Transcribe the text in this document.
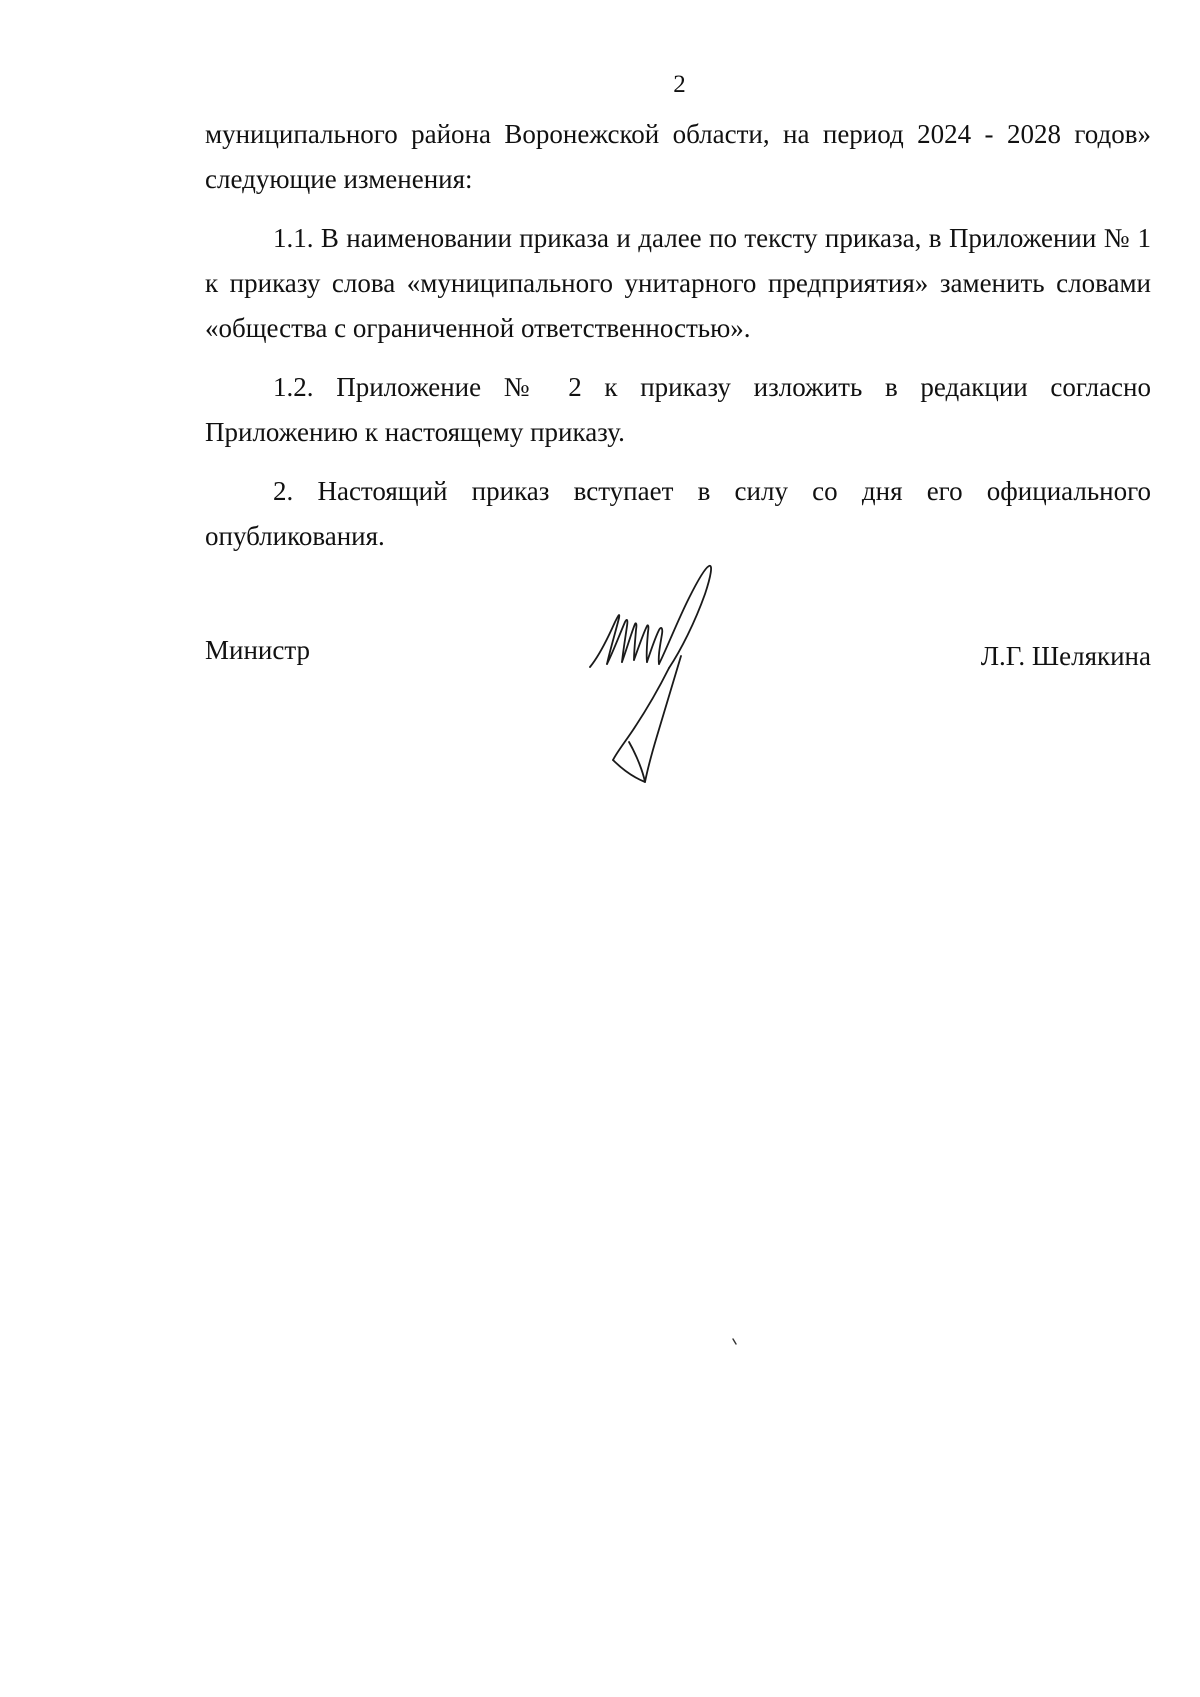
2

муниципального района Воронежской области, на период 2024 - 2028 годов» следующие изменения:

1.1. В наименовании приказа и далее по тексту приказа, в Приложении № 1 к приказу слова «муниципального унитарного предприятия» заменить словами «общества с ограниченной ответственностью».

1.2. Приложение № 2 к приказу изложить в редакции согласно Приложению к настоящему приказу.

2. Настоящий приказ вступает в силу со дня его официального опубликования.

Министр	Л.Г. Шелякина
